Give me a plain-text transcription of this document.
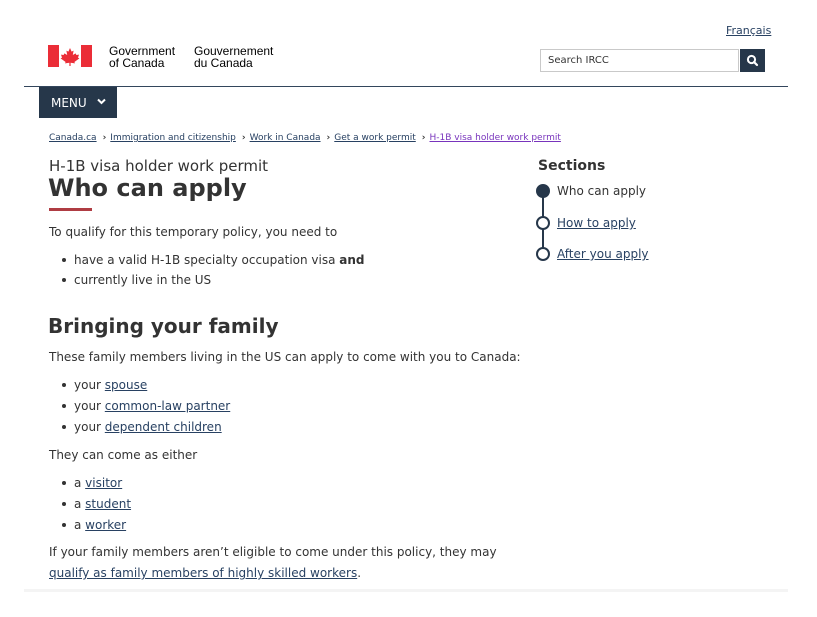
Français
Government
of Canada
Gouvernement
du Canada	Search IRCC
MENU
Canada.ca › Immigration and citizenship › Work in Canada › Get a work permit › H-1B visa holder work permit
H-1B visa holder work permit
Who can apply
To qualify for this temporary policy, you need to
have a valid H-1B specialty occupation visa and
currently live in the US
Bringing your family
These family members living in the US can apply to come with you to Canada:
your spouse
your common-law partner
your dependent children
They can come as either
a visitor
a student
a worker
If your family members aren’t eligible to come under this policy, they may
qualify as family members of highly skilled workers.
Sections
Who can apply
How to apply
After you apply
